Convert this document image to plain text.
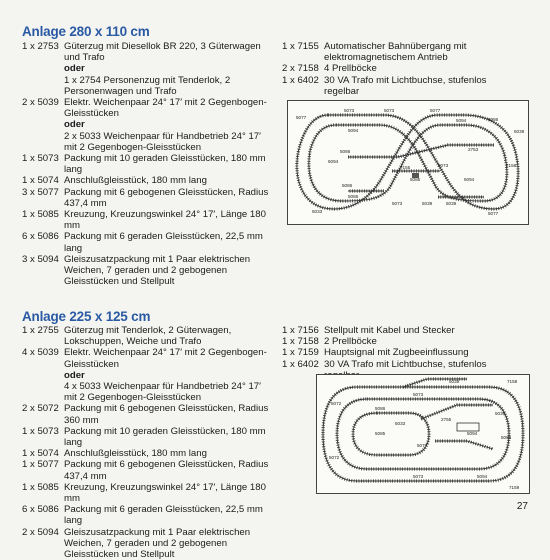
Anlage 280 x 110 cm
1 x 2753 Güterzug mit Diesellok BR 220, 3 Güterwagen und Trafo
oder
1 x 2754 Personenzug mit Tenderlok, 2 Personenwagen und Trafo
2 x 5039 Elektr. Weichenpaar 24° 17′ mit 2 Gegenbogen-Gleisstücken
oder
2 x 5033 Weichenpaar für Handbetrieb 24° 17′ mit 2 Gegenbogen-Gleisstücken
1 x 5073 Packung mit 10 geraden Gleisstücken, 180 mm lang
1 x 5074 Anschlußgleisstück, 180 mm lang
3 x 5077 Packung mit 6 gebogenen Gleisstücken, Radius 437,4 mm
1 x 5085 Kreuzung, Kreuzungswinkel 24° 17′, Länge 180 mm
6 x 5086 Packung mit 6 geraden Gleisstücken, 22,5 mm lang
3 x 5094 Gleiszusatzpackung mit 1 Paar elektrischen Weichen, 7 geraden und 2 gebogenen Gleisstücken und Stellpult
1 x 7155 Automatischer Bahnübergang mit elektromagnetischem Antrieb
2 x 7158 4 Prellböcke
1 x 6402 30 VA Trafo mit Lichtbuchse, stufenlos regelbar
5077
5073
5094
5073	5077
5094	5086
5039
5086
5094
2753
7158
5073
5085
7155
5094
5086
5086
5073	5039	5039
5077
5033
Anlage 225 x 125 cm
1 x 2755 Güterzug mit Tenderlok, 2 Güterwagen, Lokschuppen, Weiche und Trafo
4 x 5039 Elektr. Weichenpaar 24° 17′ mit 2 Gegenbogen-Gleisstücken
oder
4 x 5033 Weichenpaar für Handbetrieb 24° 17′ mit 2 Gegenbogen-Gleisstücken
2 x 5072 Packung mit 6 gebogenen Gleisstücken, Radius 360 mm
1 x 5073 Packung mit 10 geraden Gleisstücken, 180 mm lang
1 x 5074 Anschlußgleisstück, 180 mm lang
1 x 5077 Packung mit 6 gebogenen Gleisstücken, Radius 437,4 mm
1 x 5085 Kreuzung, Kreuzungswinkel 24° 17′, Länge 180 mm
6 x 5086 Packung mit 6 geraden Gleisstücken, 22,5 mm lang
2 x 5094 Gleiszusatzpackung mit 1 Paar elektrischen Weichen, 7 geraden und 2 gebogenen Gleisstücken und Stellpult
1 x 7156 Stellpult mit Kabel und Stecker
1 x 7158 2 Prellböcke
1 x 7159 Hauptsignal mit Zugbeeinflussung
1 x 6402 30 VA Trafo mit Lichtbuchse, stufenlos
5072
5073
5039	7158
5086
5085
5077
5033
2755
5094
5039
5086
5072
5073	5094
7159
27
